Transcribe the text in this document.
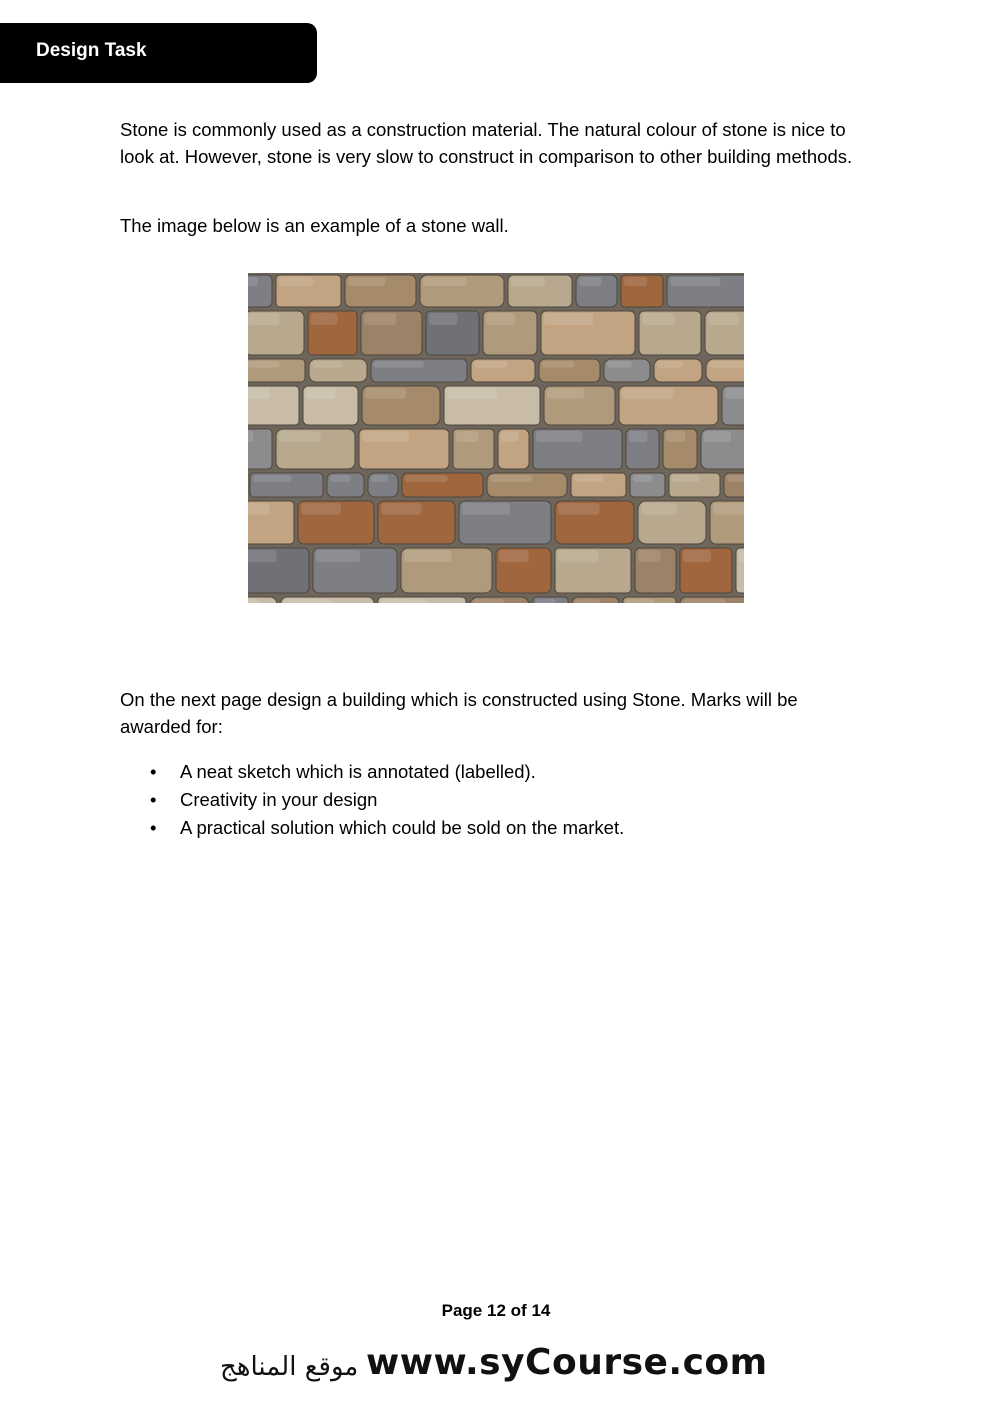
Design Task

Stone is commonly used as a construction material. The natural colour of stone is nice to look at. However, stone is very slow to construct in comparison to other building methods.

The image below is an example of a stone wall.

On the next page design a building which is constructed using Stone. Marks will be awarded for:

• A neat sketch which is annotated (labelled).
• Creativity in your design
• A practical solution which could be sold on the market.
Page 12 of 14
موقع المناهج www.syCourse.com
